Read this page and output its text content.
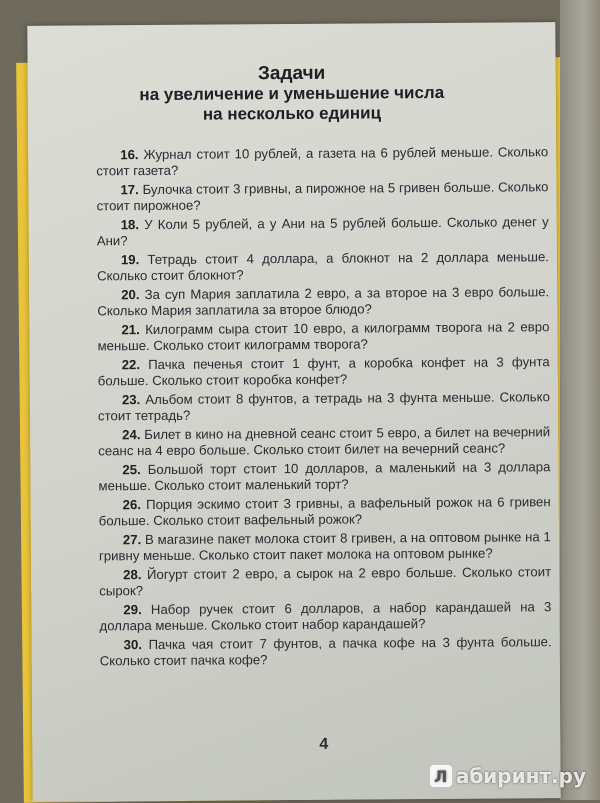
Задачи
на увеличение и уменьшение числа
на несколько единиц

16. Журнал стоит 10 рублей, а газета на 6 рублей меньше. Сколько стоит газета?

17. Булочка стоит 3 гривны, а пирожное на 5 гривен больше. Сколько стоит пирожное?

18. У Коли 5 рублей, а у Ани на 5 рублей больше. Сколько денег у Ани?

19. Тетрадь стоит 4 доллара, а блокнот на 2 доллара меньше. Сколько стоит блокнот?

20. За суп Мария заплатила 2 евро, а за второе на 3 евро больше. Сколько Мария заплатила за второе блюдо?

21. Килограмм сыра стоит 10 евро, а килограмм творога на 2 евро меньше. Сколько стоит килограмм творога?

22. Пачка печенья стоит 1 фунт, а коробка конфет на 3 фунта больше. Сколько стоит коробка конфет?

23. Альбом стоит 8 фунтов, а тетрадь на 3 фунта меньше. Сколько стоит тетрадь?

24. Билет в кино на дневной сеанс стоит 5 евро, а билет на вечерний сеанс на 4 евро больше. Сколько стоит билет на вечерний сеанс?

25. Большой торт стоит 10 долларов, а маленький на 3 доллара меньше. Сколько стоит маленький торт?

26. Порция эскимо стоит 3 гривны, а вафельный рожок на 6 гривен больше. Сколько стоит вафельный рожок?

27. В магазине пакет молока стоит 8 гривен, а на оптовом рынке на 1 гривну меньше. Сколько стоит пакет молока на оптовом рынке?

28. Йогурт стоит 2 евро, а сырок на 2 евро больше. Сколько стоит сырок?

29. Набор ручек стоит 6 долларов, а набор карандашей на 3 доллара меньше. Сколько стоит набор карандашей?

30. Пачка чая стоит 7 фунтов, а пачка кофе на 3 фунта больше. Сколько стоит пачка кофе?

4
Л абиринт.ру
